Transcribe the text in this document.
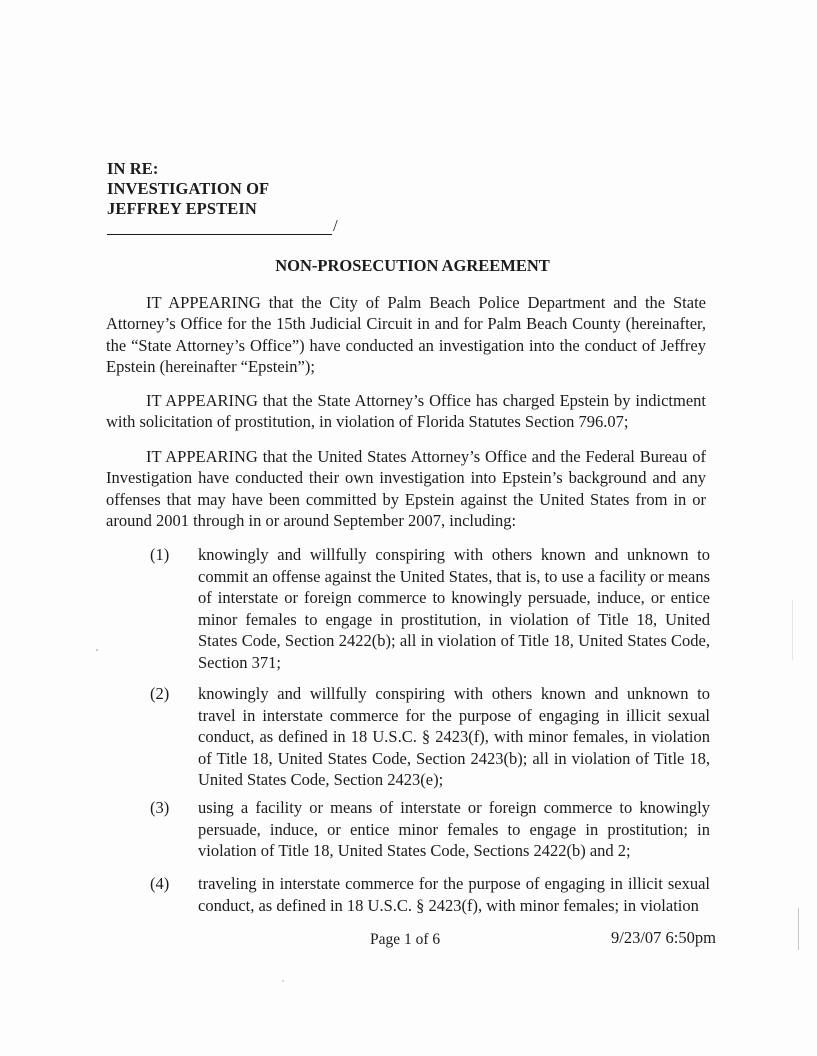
IN RE:
INVESTIGATION OF
JEFFREY EPSTEIN
/
NON-PROSECUTION AGREEMENT
IT APPEARING that the City of Palm Beach Police Department and the State Attorney’s Office for the 15th Judicial Circuit in and for Palm Beach County (hereinafter, the “State Attorney’s Office”) have conducted an investigation into the conduct of Jeffrey Epstein (hereinafter “Epstein”);
IT APPEARING that the State Attorney’s Office has charged Epstein by indictment with solicitation of prostitution, in violation of Florida Statutes Section 796.07;
IT APPEARING that the United States Attorney’s Office and the Federal Bureau of Investigation have conducted their own investigation into Epstein’s background and any offenses that may have been committed by Epstein against the United States from in or around 2001 through in or around September 2007, including:
(1) knowingly and willfully conspiring with others known and unknown to commit an offense against the United States, that is, to use a facility or means of interstate or foreign commerce to knowingly persuade, induce, or entice minor females to engage in prostitution, in violation of Title 18, United States Code, Section 2422(b); all in violation of Title 18, United States Code, Section 371;
(2) knowingly and willfully conspiring with others known and unknown to travel in interstate commerce for the purpose of engaging in illicit sexual conduct, as defined in 18 U.S.C. § 2423(f), with minor females, in violation of Title 18, United States Code, Section 2423(b); all in violation of Title 18, United States Code, Section 2423(e);
(3) using a facility or means of interstate or foreign commerce to knowingly persuade, induce, or entice minor females to engage in prostitution; in violation of Title 18, United States Code, Sections 2422(b) and 2;
(4) traveling in interstate commerce for the purpose of engaging in illicit sexual conduct, as defined in 18 U.S.C. § 2423(f), with minor females; in violation
Page 1 of 6	9/23/07 6:50pm
